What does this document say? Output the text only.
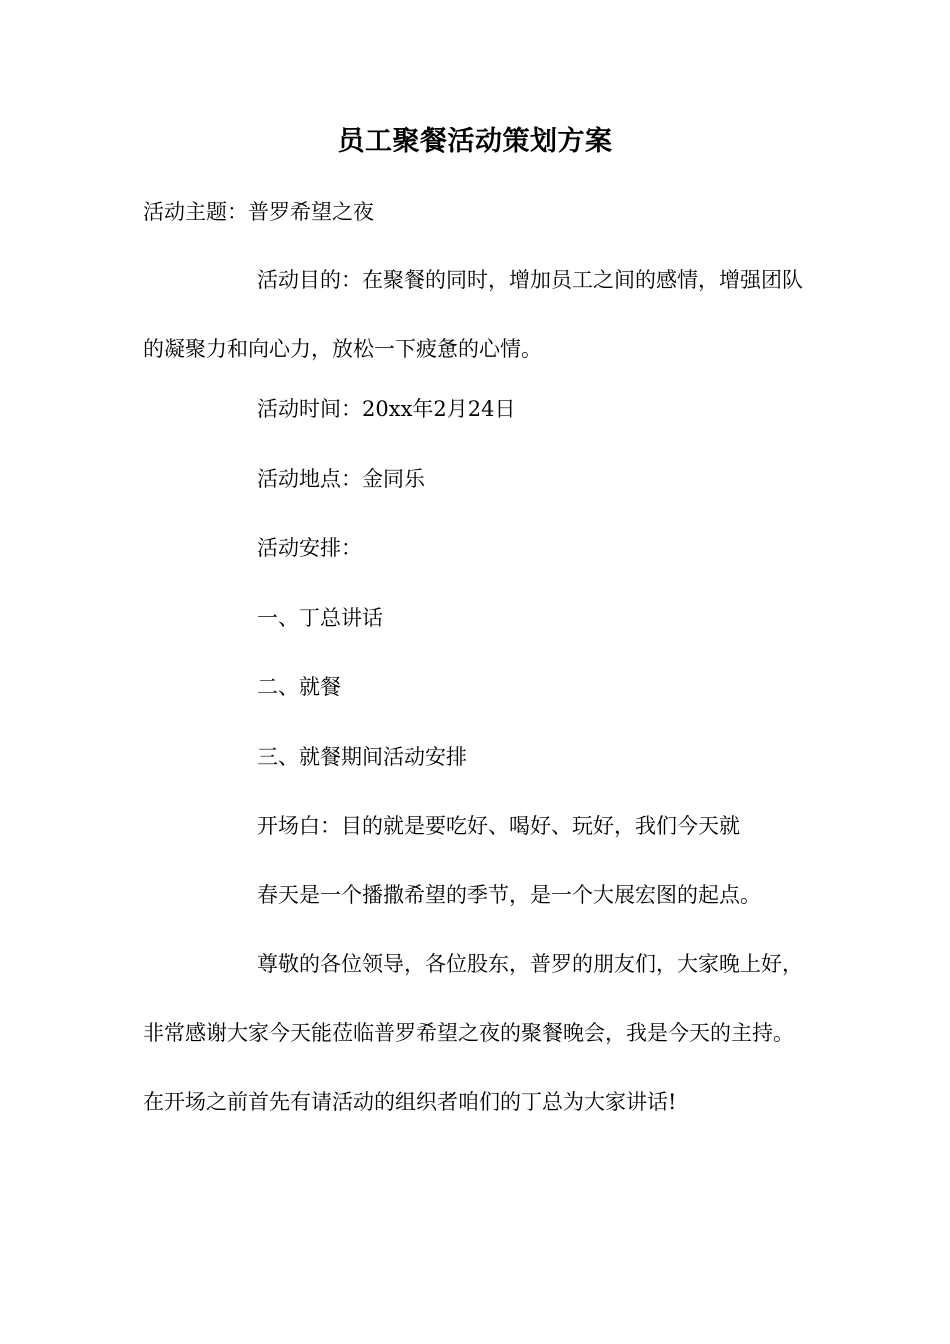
员工聚餐活动策划方案
活动主题：普罗希望之夜
活动目的：在聚餐的同时，增加员工之间的感情，增强团队的凝聚力和向心力，放松一下疲惫的心情。
活动时间：20xx年2月24日
活动地点：金同乐
活动安排：
一、丁总讲话
二、就餐
三、就餐期间活动安排
开场白：目的就是要吃好、喝好、玩好，我们今天就
春天是一个播撒希望的季节，是一个大展宏图的起点。
尊敬的各位领导，各位股东，普罗的朋友们，大家晚上好，非常感谢大家今天能莅临普罗希望之夜的聚餐晚会，我是今天的主持。在开场之前首先有请活动的组织者咱们的丁总为大家讲话!
